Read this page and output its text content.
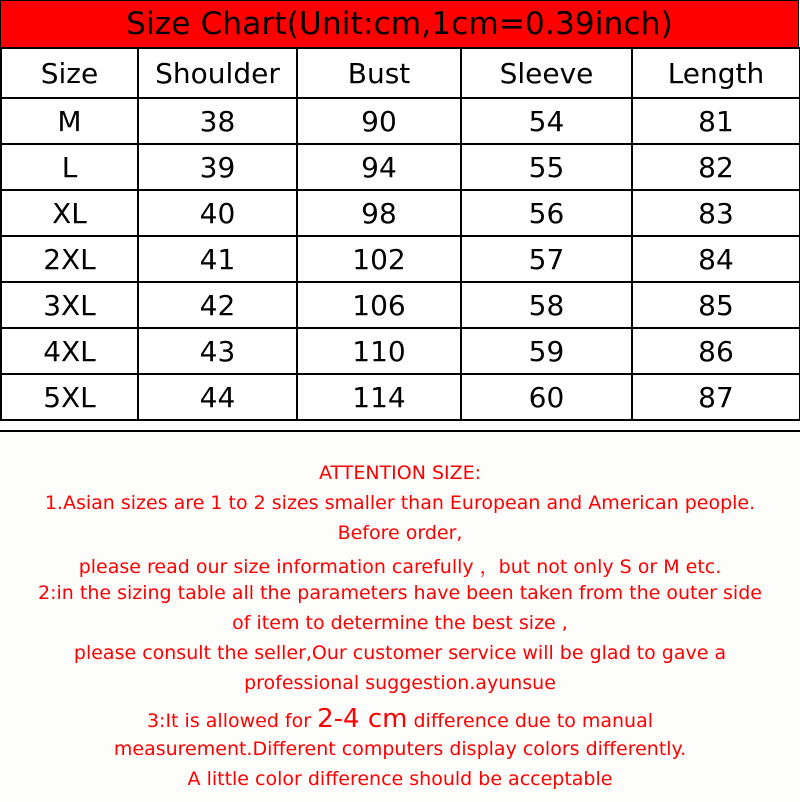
Size Chart(Unit:cm,1cm=0.39inch)
Size	Shoulder	Bust	Sleeve	Length
M	38	90	54	81
L	39	94	55	82
XL	40	98	56	83
2XL	41	102	57	84
3XL	42	106	58	85
4XL	43	110	59	86
5XL	44	114	60	87

ATTENTION SIZE:

1.Asian sizes are 1 to 2 sizes smaller than European and American people.

Before order,

please read our size information carefully ，but not only S or M etc.

2:in the sizing table all the parameters have been taken from the outer side

of item to determine the best size ,

please consult the seller,Our customer service will be glad to gave a

professional suggestion.ayunsue

3:It is allowed for 2-4 cm difference due to manual

measurement.Different computers display colors differently.

A little color difference should be acceptable
